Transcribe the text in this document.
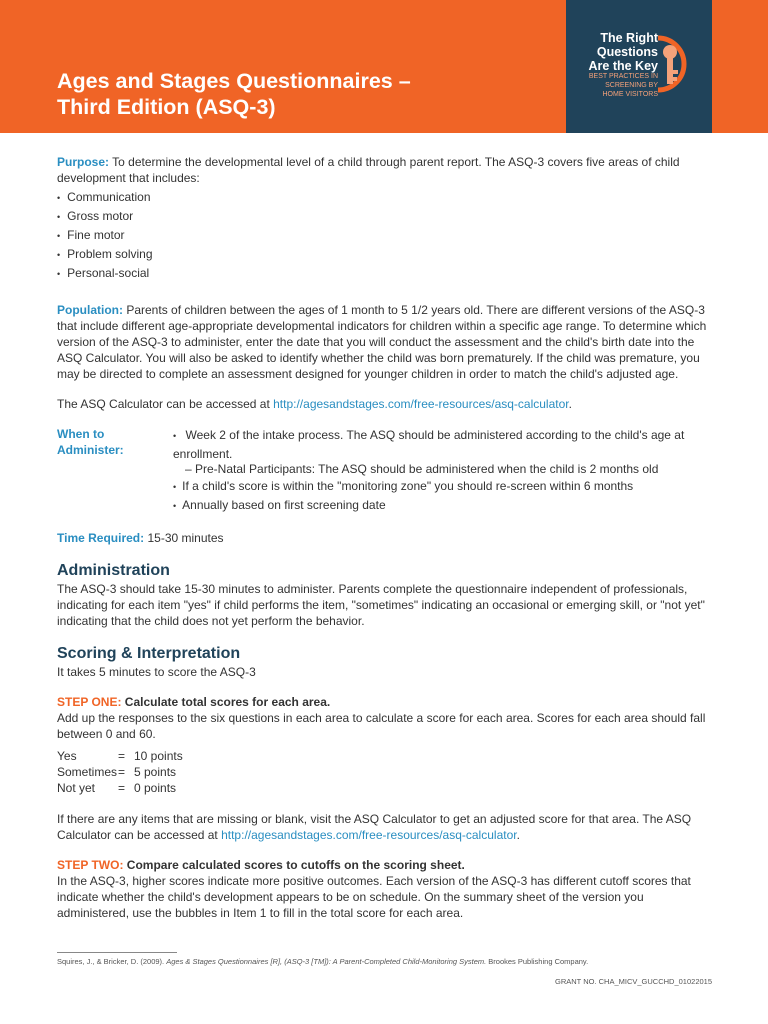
Ages and Stages Questionnaires –
Third Edition (ASQ-3)
The Right
Questions
Are the Key
BEST PRACTICES IN
SCREENING BY
HOME VISITORS
Purpose: To determine the developmental level of a child through parent report. The ASQ-3 covers five areas of child development that includes:
• Communication
• Gross motor
• Fine motor
• Problem solving
• Personal-social
Population: Parents of children between the ages of 1 month to 5 1/2 years old. There are different versions of the ASQ-3 that include different age-appropriate developmental indicators for children within a specific age range. To determine which version of the ASQ-3 to administer, enter the date that you will conduct the assessment and the child's birth date into the ASQ Calculator. You will also be asked to identify whether the child was born prematurely. If the child was premature, you may be directed to complete an assessment designed for younger children in order to match the child's adjusted age.
The ASQ Calculator can be accessed at http://agesandstages.com/free-resources/asq-calculator.
When to Administer:
• Week 2 of the intake process. The ASQ should be administered according to the child's age at enrollment.
– Pre-Natal Participants: The ASQ should be administered when the child is 2 months old
• If a child's score is within the "monitoring zone" you should re-screen within 6 months
• Annually based on first screening date
Time Required: 15-30 minutes
Administration
The ASQ-3 should take 15-30 minutes to administer. Parents complete the questionnaire independent of professionals, indicating for each item "yes" if child performs the item, "sometimes" indicating an occasional or emerging skill, or "not yet" indicating that the child does not yet perform the behavior.
Scoring & Interpretation
It takes 5 minutes to score the ASQ-3
STEP ONE: Calculate total scores for each area.
Add up the responses to the six questions in each area to calculate a score for each area. Scores for each area should fall between 0 and 60.
Yes	=	10 points
Sometimes	=	5 points
Not yet	=	0 points
If there are any items that are missing or blank, visit the ASQ Calculator to get an adjusted score for that area. The ASQ Calculator can be accessed at http://agesandstages.com/free-resources/asq-calculator.
STEP TWO: Compare calculated scores to cutoffs on the scoring sheet.
In the ASQ-3, higher scores indicate more positive outcomes. Each version of the ASQ-3 has different cutoff scores that indicate whether the child's development appears to be on schedule. On the summary sheet of the version you administered, use the bubbles in Item 1 to fill in the total score for each area.
Squires, J., & Bricker, D. (2009). Ages & Stages Questionnaires [R], (ASQ-3 [TM]): A Parent-Completed Child-Monitoring System. Brookes Publishing Company.
GRANT NO. CHA_MICV_GUCCHD_01022015
